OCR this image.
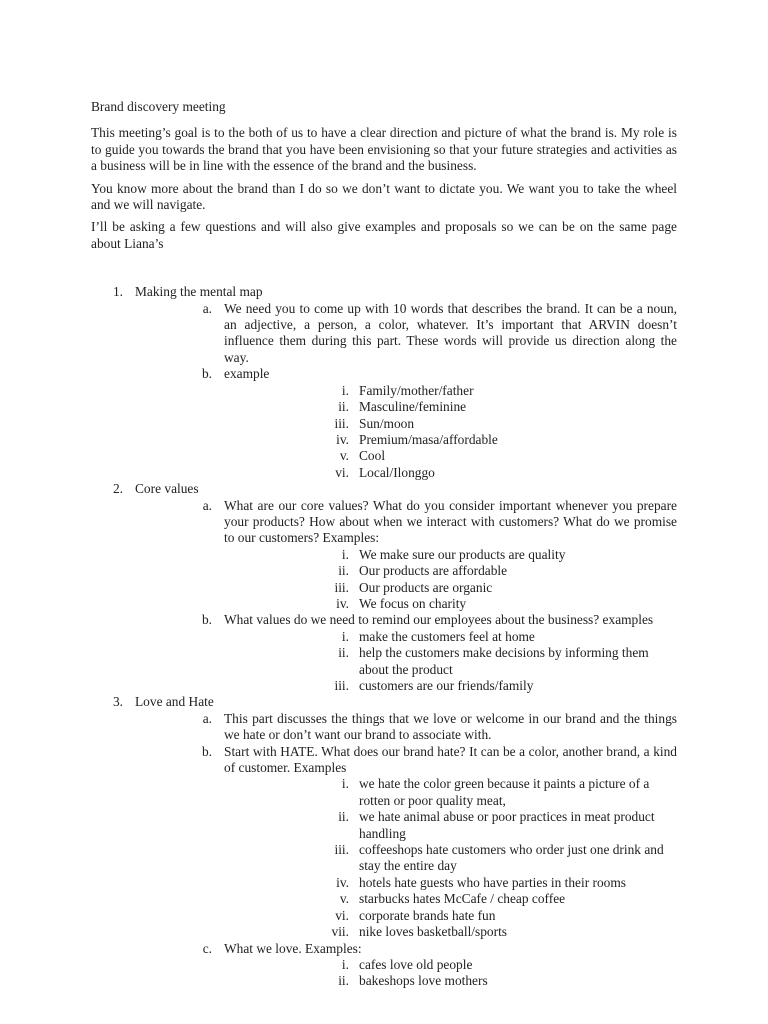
Brand discovery meeting

This meeting’s goal is to the both of us to have a clear direction and picture of what the brand is. My role is to guide you towards the brand that you have been envisioning so that your future strategies and activities as a business will be in line with the essence of the brand and the business.

You know more about the brand than I do so we don’t want to dictate you. We want you to take the wheel and we will navigate.

I’ll be asking a few questions and will also give examples and proposals so we can be on the same page about Liana’s

1. Making the mental map
a. We need you to come up with 10 words that describes the brand. It can be a noun, an adjective, a person, a color, whatever. It’s important that ARVIN doesn’t influence them during this part. These words will provide us direction along the way.
b. example
i. Family/mother/father
ii. Masculine/feminine
iii. Sun/moon
iv. Premium/masa/affordable
v. Cool
vi. Local/Ilonggo
2. Core values
a. What are our core values? What do you consider important whenever you prepare your products? How about when we interact with customers? What do we promise to our customers? Examples:
i. We make sure our products are quality
ii. Our products are affordable
iii. Our products are organic
iv. We focus on charity
b. What values do we need to remind our employees about the business? examples
i. make the customers feel at home
ii. help the customers make decisions by informing them about the product
iii. customers are our friends/family
3. Love and Hate
a. This part discusses the things that we love or welcome in our brand and the things we hate or don’t want our brand to associate with.
b. Start with HATE. What does our brand hate? It can be a color, another brand, a kind of customer. Examples
i. we hate the color green because it paints a picture of a rotten or poor quality meat,
ii. we hate animal abuse or poor practices in meat product handling
iii. coffeeshops hate customers who order just one drink and stay the entire day
iv. hotels hate guests who have parties in their rooms
v. starbucks hates McCafe / cheap coffee
vi. corporate brands hate fun
vii. nike loves basketball/sports
c. What we love. Examples:
i. cafes love old people
ii. bakeshops love mothers
